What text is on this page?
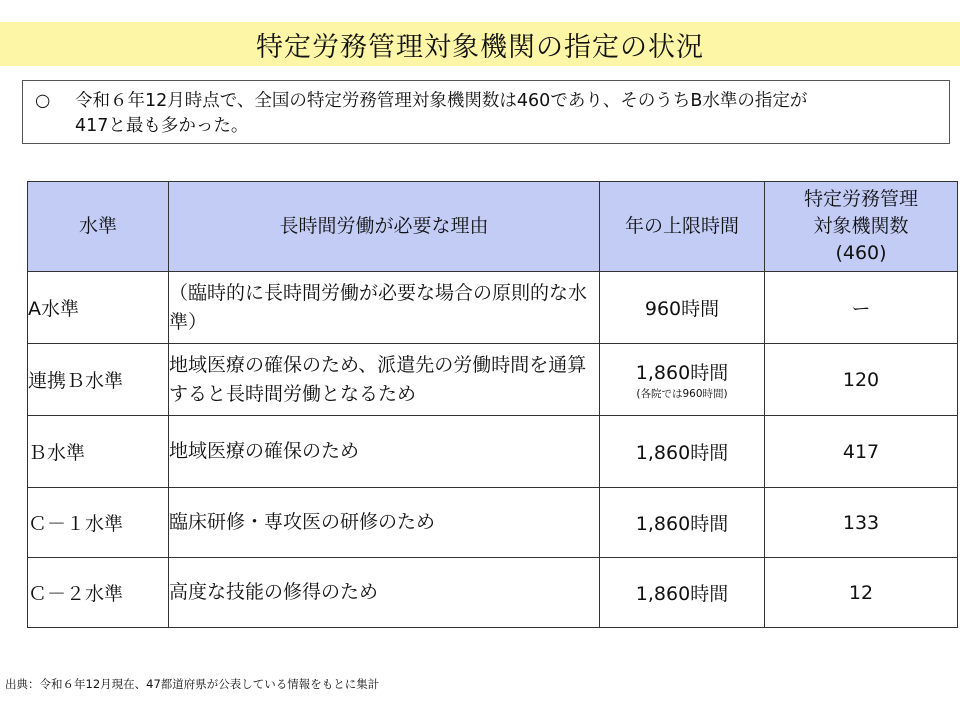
特定労務管理対象機関の指定の状況
○	令和６年12月時点で、全国の特定労務管理対象機関数は460であり、そのうちB水準の指定が
417と最も多かった。
水準	長時間労働が必要な理由	年の上限時間	特定労務管理
対象機関数
(460)

A水準	（臨時的に長時間労働が必要な場合の原則的な水準）	960時間	ー
連携Ｂ水準	地域医療の確保のため、派遣先の労働時間を通算すると長時間労働となるため	1,860時間
(各院では960時間)	120
Ｂ水準	地域医療の確保のため	1,860時間	417
Ｃ－１水準	臨床研修・専攻医の研修のため	1,860時間	133
Ｃ－２水準	高度な技能の修得のため	1,860時間	12
出典：令和６年12月現在、47都道府県が公表している情報をもとに集計
